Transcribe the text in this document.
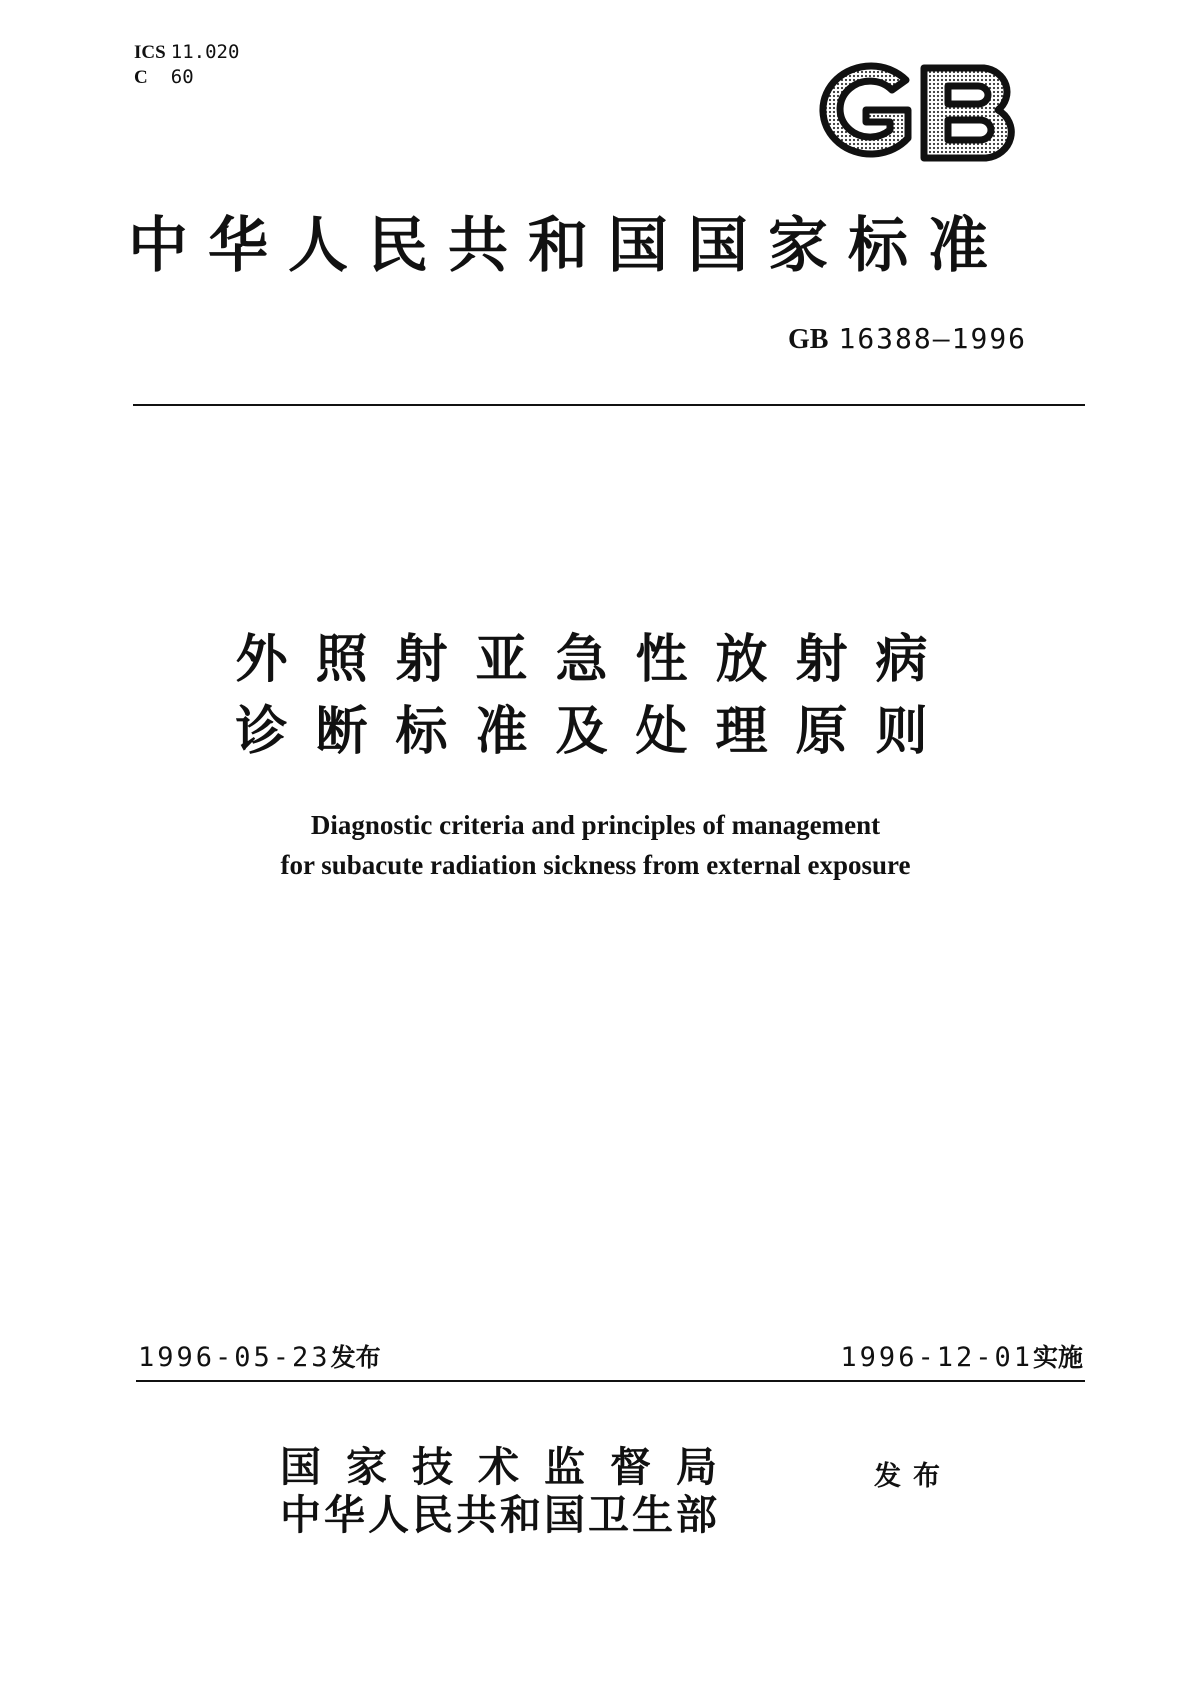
ICS 11.020
C 60
中华人民共和国国家标准
GB 16388—1996
外照射亚急性放射病
诊断标准及处理原则
Diagnostic criteria and principles of management
for subacute radiation sickness from external exposure
1996-05-23发布	1996-12-01实施
国家技术监督局
中华人民共和国卫生部
发布
